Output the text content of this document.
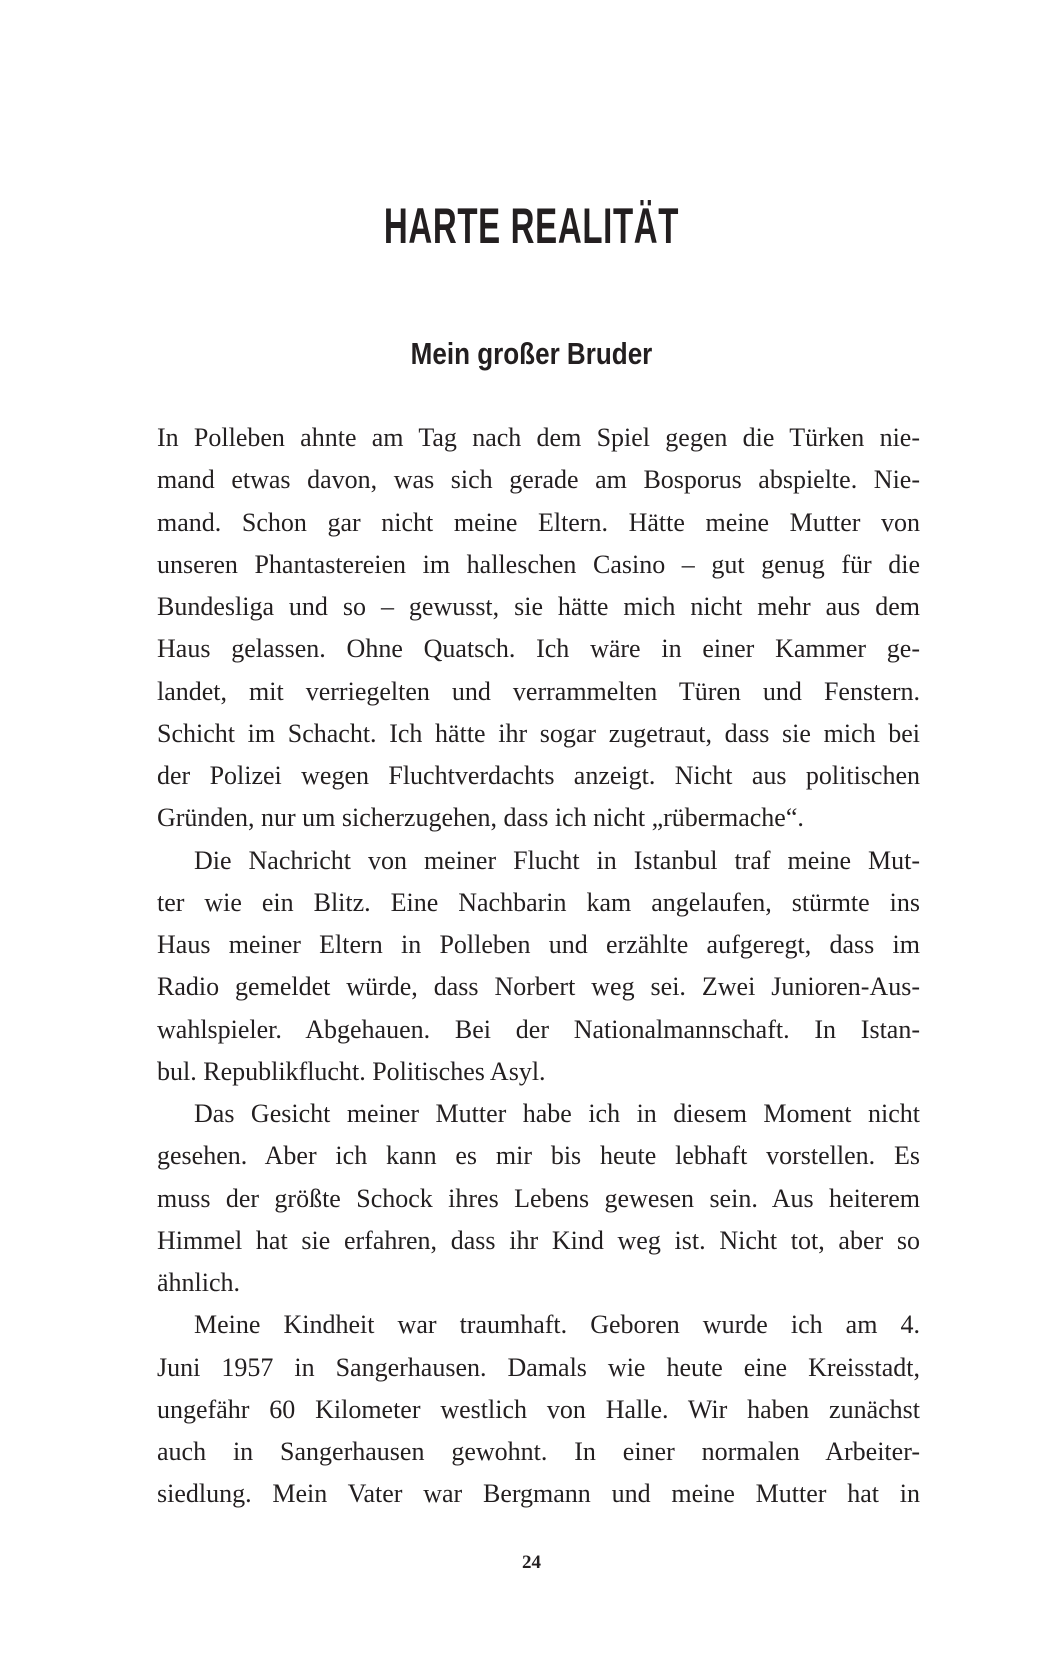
HARTE REALITÄT
Mein großer Bruder
In Polleben ahnte am Tag nach dem Spiel gegen die Türken nie-
mand etwas davon, was sich gerade am Bosporus abspielte. Nie-
mand. Schon gar nicht meine Eltern. Hätte meine Mutter von
unseren Phantastereien im halleschen Casino – gut genug für die
Bundesliga und so – gewusst, sie hätte mich nicht mehr aus dem
Haus gelassen. Ohne Quatsch. Ich wäre in einer Kammer ge-
landet, mit verriegelten und verrammelten Türen und Fenstern.
Schicht im Schacht. Ich hätte ihr sogar zugetraut, dass sie mich bei
der Polizei wegen Fluchtverdachts anzeigt. Nicht aus politischen
Gründen, nur um sicherzugehen, dass ich nicht „rübermache“.
Die Nachricht von meiner Flucht in Istanbul traf meine Mut-
ter wie ein Blitz. Eine Nachbarin kam angelaufen, stürmte ins
Haus meiner Eltern in Polleben und erzählte aufgeregt, dass im
Radio gemeldet würde, dass Norbert weg sei. Zwei Junioren-Aus-
wahlspieler. Abgehauen. Bei der Nationalmannschaft. In Istan-
bul. Republikflucht. Politisches Asyl.
Das Gesicht meiner Mutter habe ich in diesem Moment nicht
gesehen. Aber ich kann es mir bis heute lebhaft vorstellen. Es
muss der größte Schock ihres Lebens gewesen sein. Aus heiterem
Himmel hat sie erfahren, dass ihr Kind weg ist. Nicht tot, aber so
ähnlich.
Meine Kindheit war traumhaft. Geboren wurde ich am 4.
Juni 1957 in Sangerhausen. Damals wie heute eine Kreisstadt,
ungefähr 60 Kilometer westlich von Halle. Wir haben zunächst
auch in Sangerhausen gewohnt. In einer normalen Arbeiter-
siedlung. Mein Vater war Bergmann und meine Mutter hat in
24
